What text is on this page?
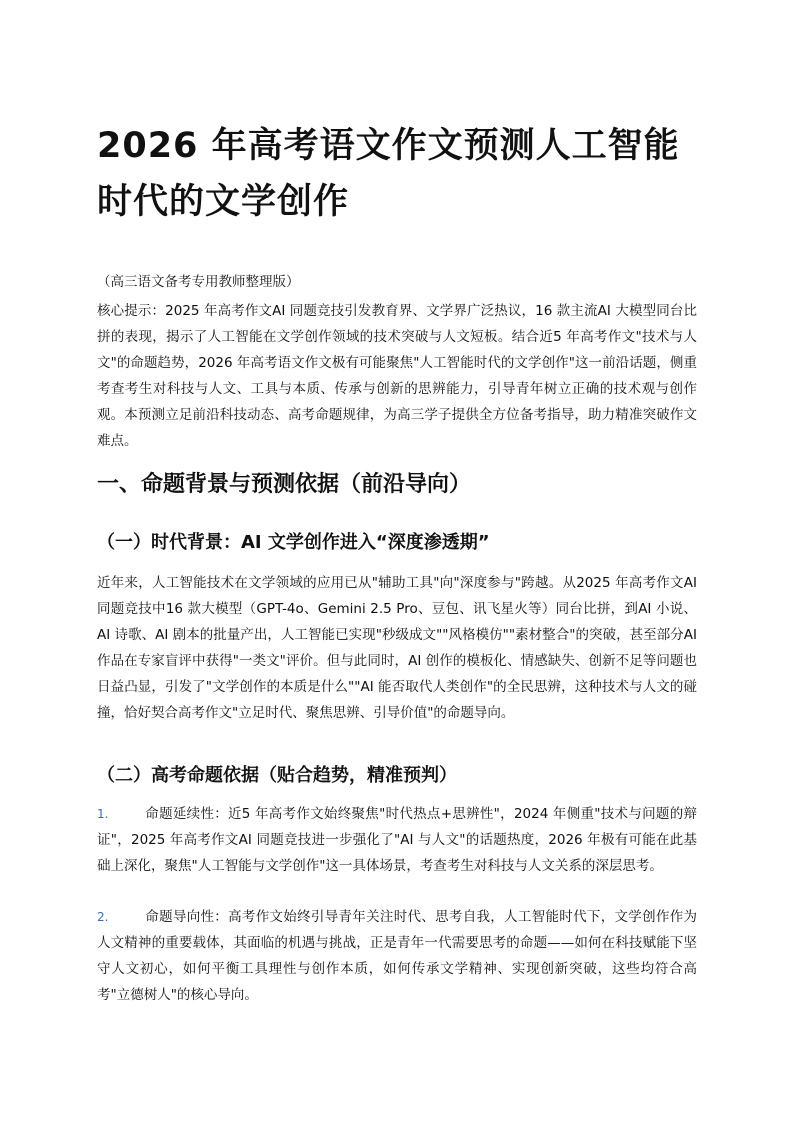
2026 年高考语文作文预测人工智能时代的文学创作

（高三语文备考专用教师整理版）

核心提示：2025 年高考作文AI 同题竞技引发教育界、文学界广泛热议，16 款主流AI 大模型同台比拼的表现，揭示了人工智能在文学创作领域的技术突破与人文短板。结合近5 年高考作文"技术与人文"的命题趋势，2026 年高考语文作文极有可能聚焦"人工智能时代的文学创作"这一前沿话题，侧重考查考生对科技与人文、工具与本质、传承与创新的思辨能力，引导青年树立正确的技术观与创作观。本预测立足前沿科技动态、高考命题规律，为高三学子提供全方位备考指导，助力精准突破作文难点。

一、命题背景与预测依据（前沿导向）
（一）时代背景：AI 文学创作进入“深度渗透期”

近年来，人工智能技术在文学领域的应用已从"辅助工具"向"深度参与"跨越。从2025 年高考作文AI 同题竞技中16 款大模型（GPT-4o、Gemini 2.5 Pro、豆包、讯飞星火等）同台比拼，到AI 小说、AI 诗歌、AI 剧本的批量产出，人工智能已实现"秒级成文""风格模仿""素材整合"的突破，甚至部分AI 作品在专家盲评中获得"一类文"评价。但与此同时，AI 创作的模板化、情感缺失、创新不足等问题也日益凸显，引发了"文学创作的本质是什么""AI 能否取代人类创作"的全民思辨，这种技术与人文的碰撞，恰好契合高考作文"立足时代、聚焦思辨、引导价值"的命题导向。

（二）高考命题依据（贴合趋势，精准预判）

1.	命题延续性：近5 年高考作文始终聚焦"时代热点+思辨性"，2024 年侧重"技术与问题的辩证"，2025 年高考作文AI 同题竞技进一步强化了"AI 与人文"的话题热度，2026 年极有可能在此基础上深化，聚焦"人工智能与文学创作"这一具体场景，考查考生对科技与人文关系的深层思考。

2.	命题导向性：高考作文始终引导青年关注时代、思考自我，人工智能时代下，文学创作作为人文精神的重要载体，其面临的机遇与挑战，正是青年一代需要思考的命题——如何在科技赋能下坚守人文初心，如何平衡工具理性与创作本质，如何传承文学精神、实现创新突破，这些均符合高考"立德树人"的核心导向。
